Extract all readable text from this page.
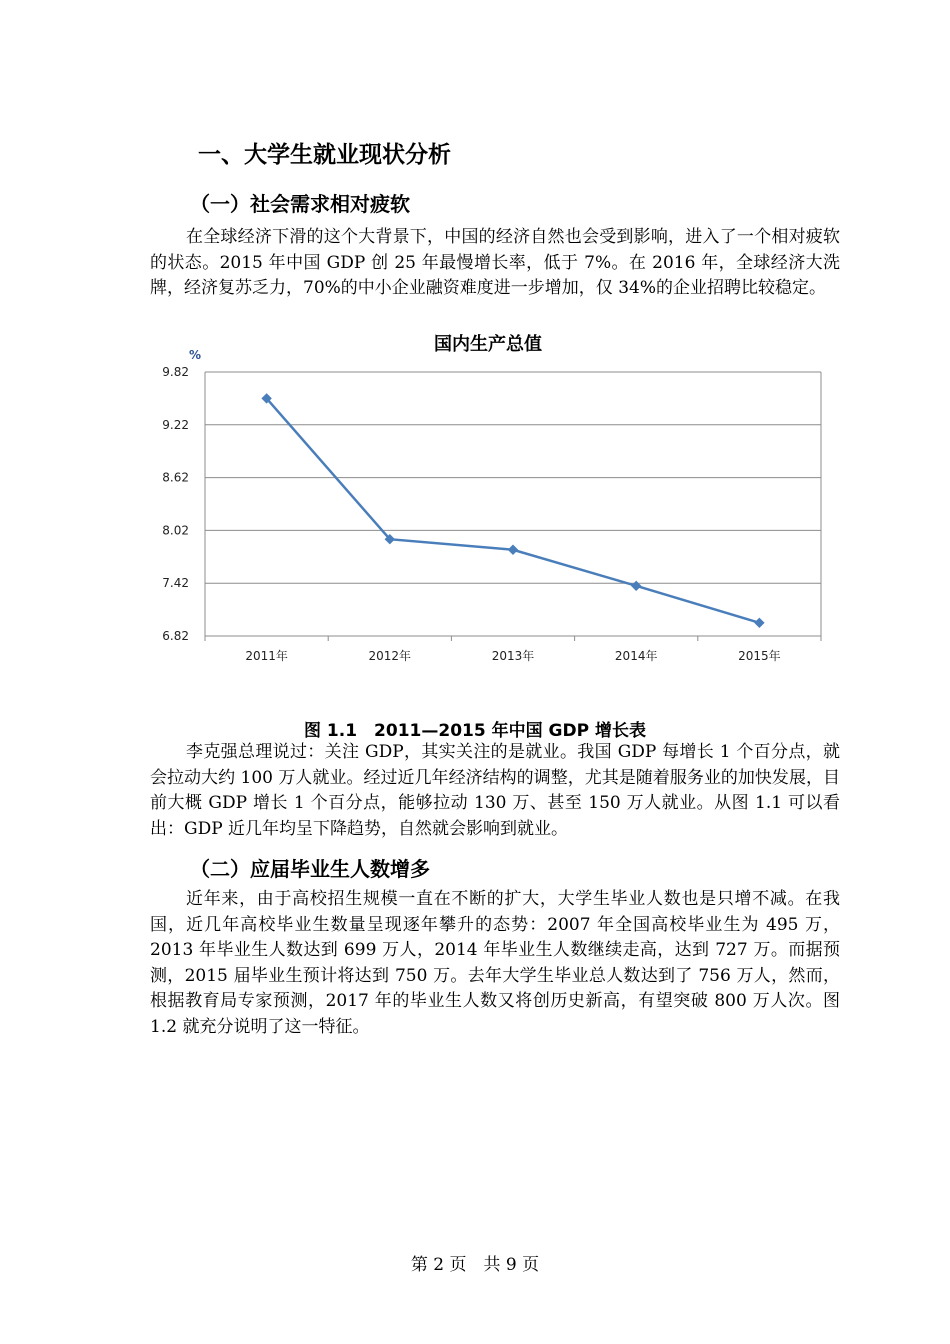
一、大学生就业现状分析
（一）社会需求相对疲软

在全球经济下滑的这个大背景下，中国的经济自然也会受到影响，进入了一个相对疲软的状态。2015 年中国 GDP 创 25 年最慢增长率，低于 7%。在 2016 年，全球经济大洗牌，经济复苏乏力，70%的中小企业融资难度进一步增加，仅 34%的企业招聘比较稳定。

国内生产总值
%
9.82
9.22
8.62
8.02
7.42
6.82
2011年	2012年	2013年	2014年	2015年

图 1.1　2011—2015 年中国 GDP 增长表

李克强总理说过：关注 GDP，其实关注的是就业。我国 GDP 每增长 1 个百分点，就会拉动大约 100 万人就业。经过近几年经济结构的调整，尤其是随着服务业的加快发展，目前大概 GDP 增长 1 个百分点，能够拉动 130 万、甚至 150 万人就业。从图 1.1 可以看出：GDP 近几年均呈下降趋势，自然就会影响到就业。

（二）应届毕业生人数增多

近年来，由于高校招生规模一直在不断的扩大，大学生毕业人数也是只增不减。在我国，近几年高校毕业生数量呈现逐年攀升的态势：2007 年全国高校毕业生为 495 万，2013 年毕业生人数达到 699 万人，2014 年毕业生人数继续走高，达到 727 万。而据预测，2015 届毕业生预计将达到 750 万。去年大学生毕业总人数达到了 756 万人，然而，根据教育局专家预测，2017 年的毕业生人数又将创历史新高，有望突破 800 万人次。图 1.2 就充分说明了这一特征。

第 2 页　共 9 页
